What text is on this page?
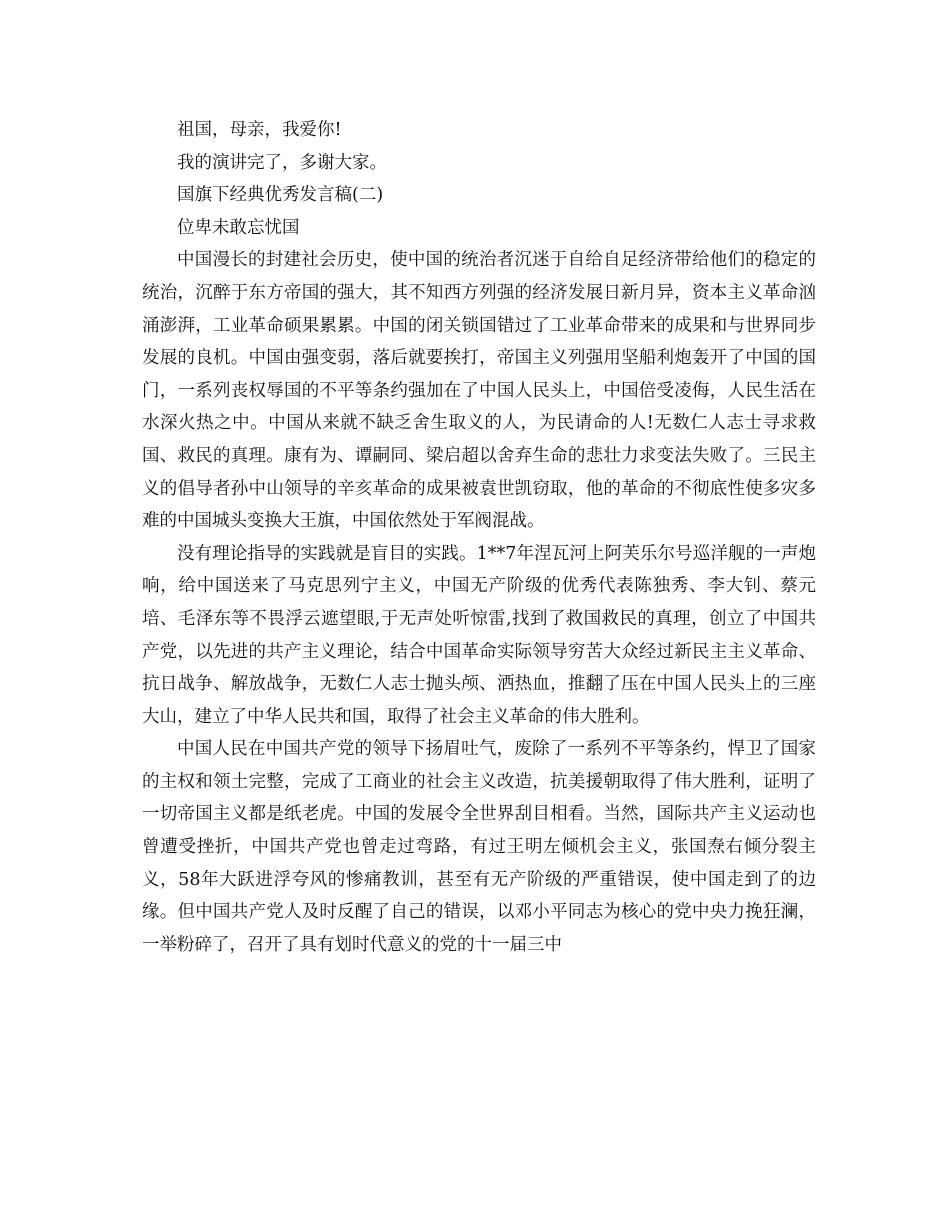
祖国，母亲，我爱你!

我的演讲完了，多谢大家。

国旗下经典优秀发言稿(二)

位卑未敢忘忧国

中国漫长的封建社会历史，使中国的统治者沉迷于自给自足经济带给他们的稳定的统治，沉醉于东方帝国的强大，其不知西方列强的经济发展日新月异，资本主义革命汹涌澎湃，工业革命硕果累累。中国的闭关锁国错过了工业革命带来的成果和与世界同步发展的良机。中国由强变弱，落后就要挨打，帝国主义列强用坚船利炮轰开了中国的国门，一系列丧权辱国的不平等条约强加在了中国人民头上，中国倍受凌侮，人民生活在水深火热之中。中国从来就不缺乏舍生取义的人，为民请命的人!无数仁人志士寻求救国、救民的真理。康有为、谭嗣同、梁启超以舍弃生命的悲壮力求变法失败了。三民主义的倡导者孙中山领导的辛亥革命的成果被袁世凯窃取，他的革命的不彻底性使多灾多难的中国城头变换大王旗，中国依然处于军阀混战。

没有理论指导的实践就是盲目的实践。1**7年涅瓦河上阿芙乐尔号巡洋舰的一声炮响，给中国送来了马克思列宁主义，中国无产阶级的优秀代表陈独秀、李大钊、蔡元培、毛泽东等不畏浮云遮望眼,于无声处听惊雷,找到了救国救民的真理，创立了中国共产党，以先进的共产主义理论，结合中国革命实际领导穷苦大众经过新民主主义革命、抗日战争、解放战争，无数仁人志士抛头颅、洒热血，推翻了压在中国人民头上的三座大山，建立了中华人民共和国，取得了社会主义革命的伟大胜利。

中国人民在中国共产党的领导下扬眉吐气，废除了一系列不平等条约，悍卫了国家的主权和领土完整，完成了工商业的社会主义改造，抗美援朝取得了伟大胜利，证明了一切帝国主义都是纸老虎。中国的发展令全世界刮目相看。当然，国际共产主义运动也曾遭受挫折，中国共产党也曾走过弯路，有过王明左倾机会主义，张国焘右倾分裂主义，58年大跃进浮夸风的惨痛教训，甚至有无产阶级的严重错误，使中国走到了的边缘。但中国共产党人及时反醒了自己的错误，以邓小平同志为核心的党中央力挽狂澜，一举粉碎了，召开了具有划时代意义的党的十一届三中
